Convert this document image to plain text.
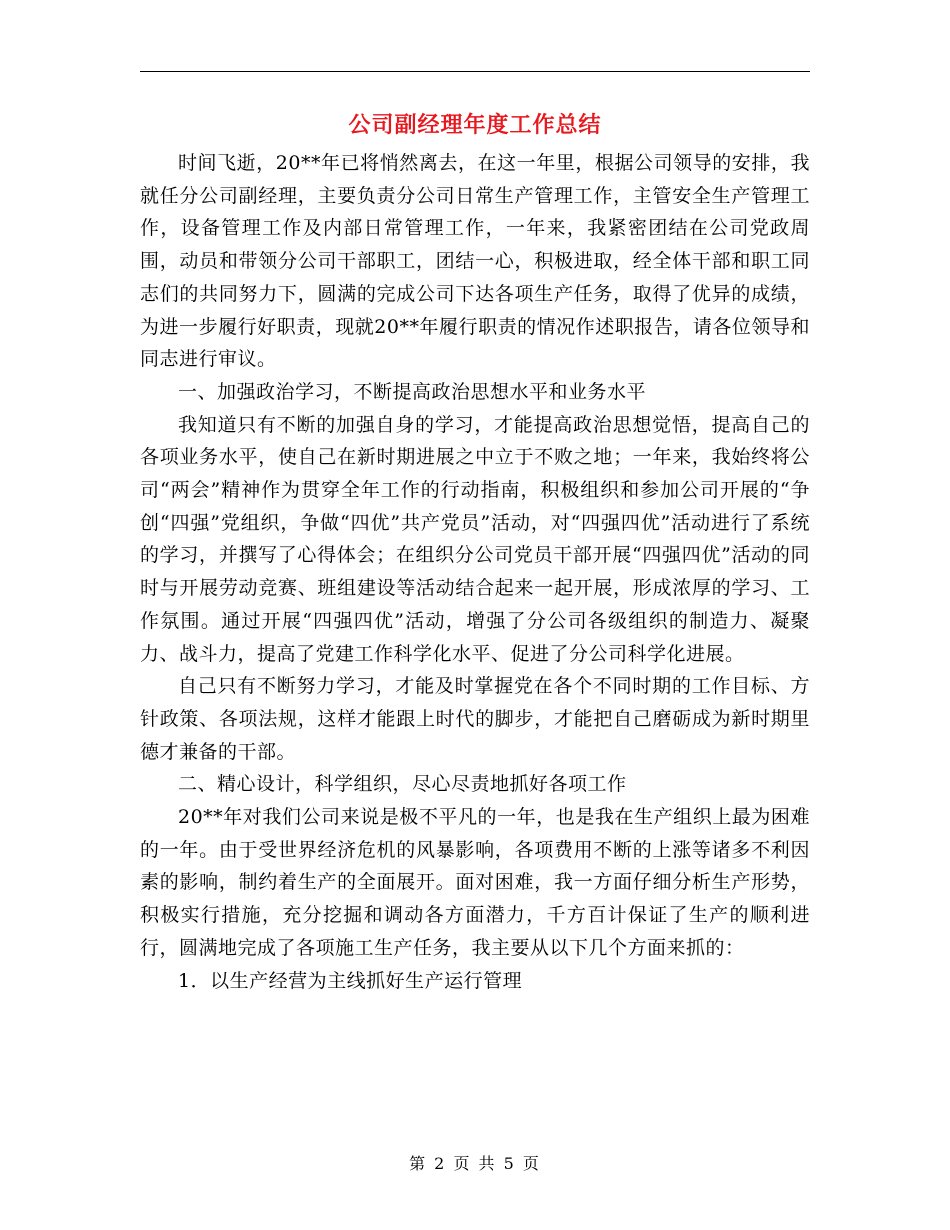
公司副经理年度工作总结

时间飞逝，20**年已将悄然离去，在这一年里，根据公司领导的安排，我就任分公司副经理，主要负责分公司日常生产管理工作，主管安全生产管理工作，设备管理工作及内部日常管理工作，一年来，我紧密团结在公司党政周围，动员和带领分公司干部职工，团结一心，积极进取，经全体干部和职工同志们的共同努力下，圆满的完成公司下达各项生产任务，取得了优异的成绩，为进一步履行好职责，现就20**年履行职责的情况作述职报告，请各位领导和同志进行审议。

一、加强政治学习，不断提高政治思想水平和业务水平

我知道只有不断的加强自身的学习，才能提高政治思想觉悟，提高自己的各项业务水平，使自己在新时期进展之中立于不败之地；一年来，我始终将公司“两会”精神作为贯穿全年工作的行动指南，积极组织和参加公司开展的“争创“四强”党组织，争做“四优”共产党员”活动，对“四强四优”活动进行了系统的学习，并撰写了心得体会；在组织分公司党员干部开展“四强四优”活动的同时与开展劳动竞赛、班组建设等活动结合起来一起开展，形成浓厚的学习、工作氛围。通过开展“四强四优”活动，增强了分公司各级组织的制造力、凝聚力、战斗力，提高了党建工作科学化水平、促进了分公司科学化进展。

自己只有不断努力学习，才能及时掌握党在各个不同时期的工作目标、方针政策、各项法规，这样才能跟上时代的脚步，才能把自己磨砺成为新时期里德才兼备的干部。

二、精心设计，科学组织，尽心尽责地抓好各项工作

20**年对我们公司来说是极不平凡的一年，也是我在生产组织上最为困难的一年。由于受世界经济危机的风暴影响，各项费用不断的上涨等诸多不利因素的影响，制约着生产的全面展开。面对困难，我一方面仔细分析生产形势，积极实行措施，充分挖掘和调动各方面潜力，千方百计保证了生产的顺利进行，圆满地完成了各项施工生产任务，我主要从以下几个方面来抓的：

1．以生产经营为主线抓好生产运行管理

第 2 页 共 5 页
